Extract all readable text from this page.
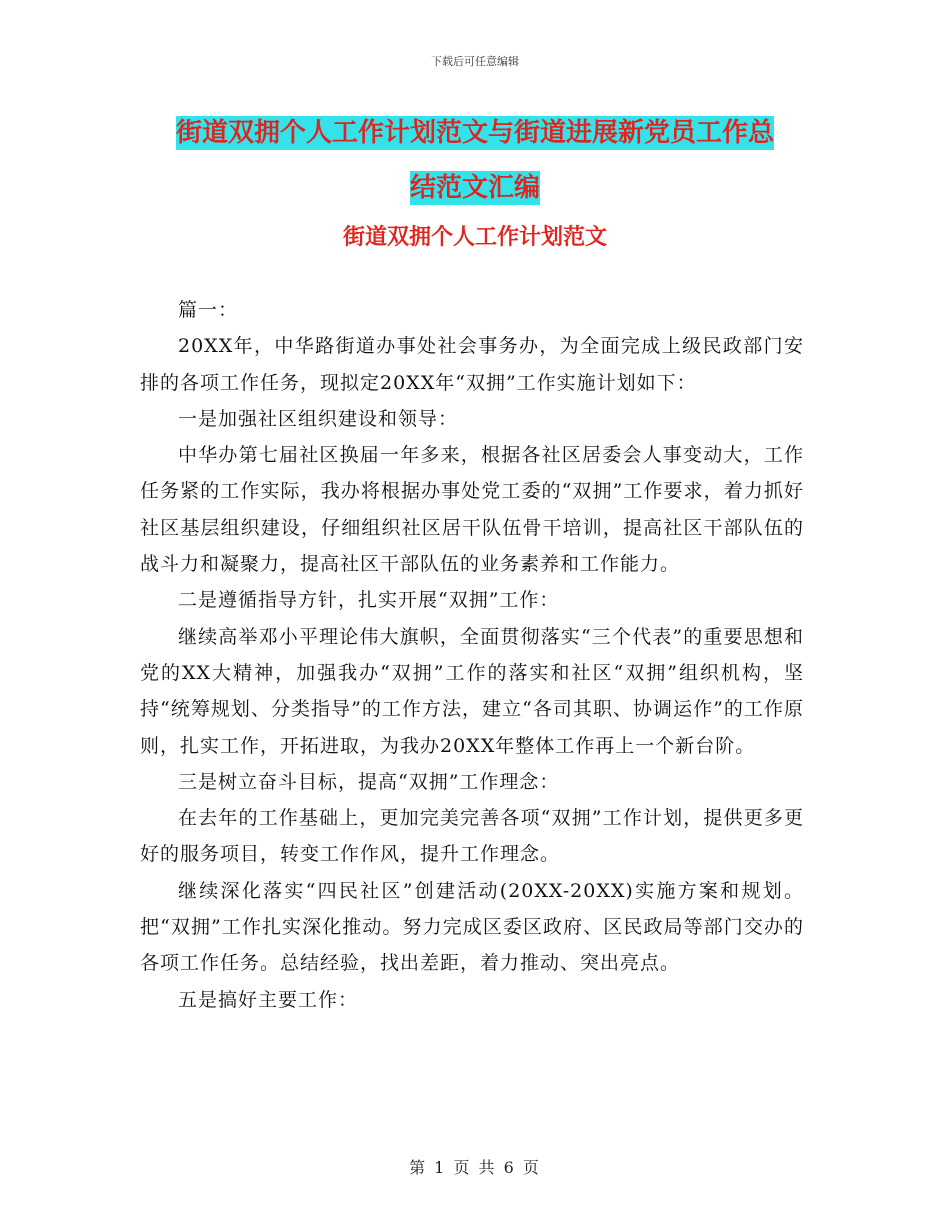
下载后可任意编辑
街道双拥个人工作计划范文与街道进展新党员工作总
结范文汇编
街道双拥个人工作计划范文

篇一：

20XX年，中华路街道办事处社会事务办，为全面完成上级民政部门安排的各项工作任务，现拟定20XX年“双拥”工作实施计划如下：

一是加强社区组织建设和领导：

中华办第七届社区换届一年多来，根据各社区居委会人事变动大，工作任务紧的工作实际，我办将根据办事处党工委的“双拥”工作要求，着力抓好社区基层组织建设，仔细组织社区居干队伍骨干培训，提高社区干部队伍的战斗力和凝聚力，提高社区干部队伍的业务素养和工作能力。

二是遵循指导方针，扎实开展“双拥”工作：

继续高举邓小平理论伟大旗帜，全面贯彻落实“三个代表”的重要思想和党的XX大精神，加强我办“双拥”工作的落实和社区“双拥”组织机构，坚持“统筹规划、分类指导”的工作方法，建立“各司其职、协调运作”的工作原则，扎实工作，开拓进取，为我办20XX年整体工作再上一个新台阶。

三是树立奋斗目标，提高“双拥”工作理念：

在去年的工作基础上，更加完美完善各项“双拥”工作计划，提供更多更好的服务项目，转变工作作风，提升工作理念。

继续深化落实“四民社区”创建活动(20XX-20XX)实施方案和规划。把“双拥”工作扎实深化推动。努力完成区委区政府、区民政局等部门交办的各项工作任务。总结经验，找出差距，着力推动、突出亮点。

五是搞好主要工作：

第 1 页 共 6 页
